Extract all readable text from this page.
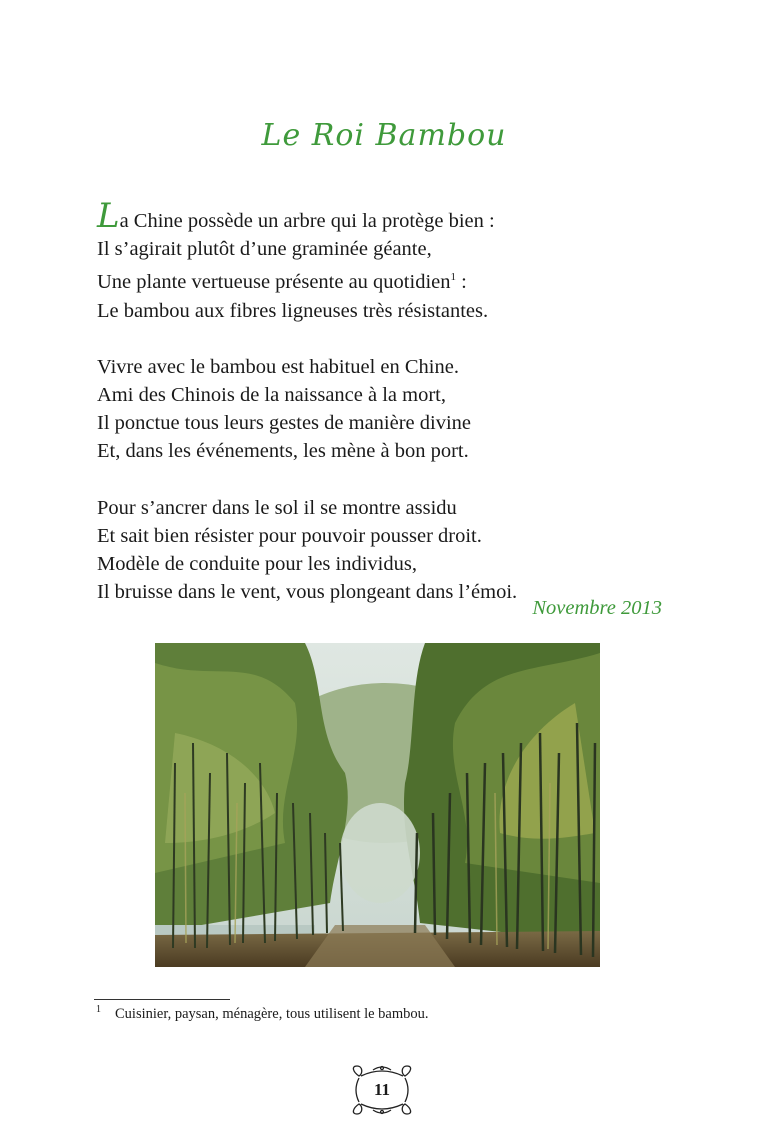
Le Roi Bambou
La Chine possède un arbre qui la protège bien :
Il s’agirait plutôt d’une graminée géante,
Une plante vertueuse présente au quotidien$^1$ :
Le bambou aux fibres ligneuses très résistantes.
Vivre avec le bambou est habituel en Chine.
Ami des Chinois de la naissance à la mort,
Il ponctue tous leurs gestes de manière divine
Et, dans les événements, les mène à bon port.
Pour s’ancrer dans le sol il se montre assidu
Et sait bien résister pour pouvoir pousser droit.
Modèle de conduite pour les individus,
Il bruisse dans le vent, vous plongeant dans l’émoi.
Novembre 2013
$^1$ Cuisinier, paysan, ménagère, tous utilisent le bambou.
11
